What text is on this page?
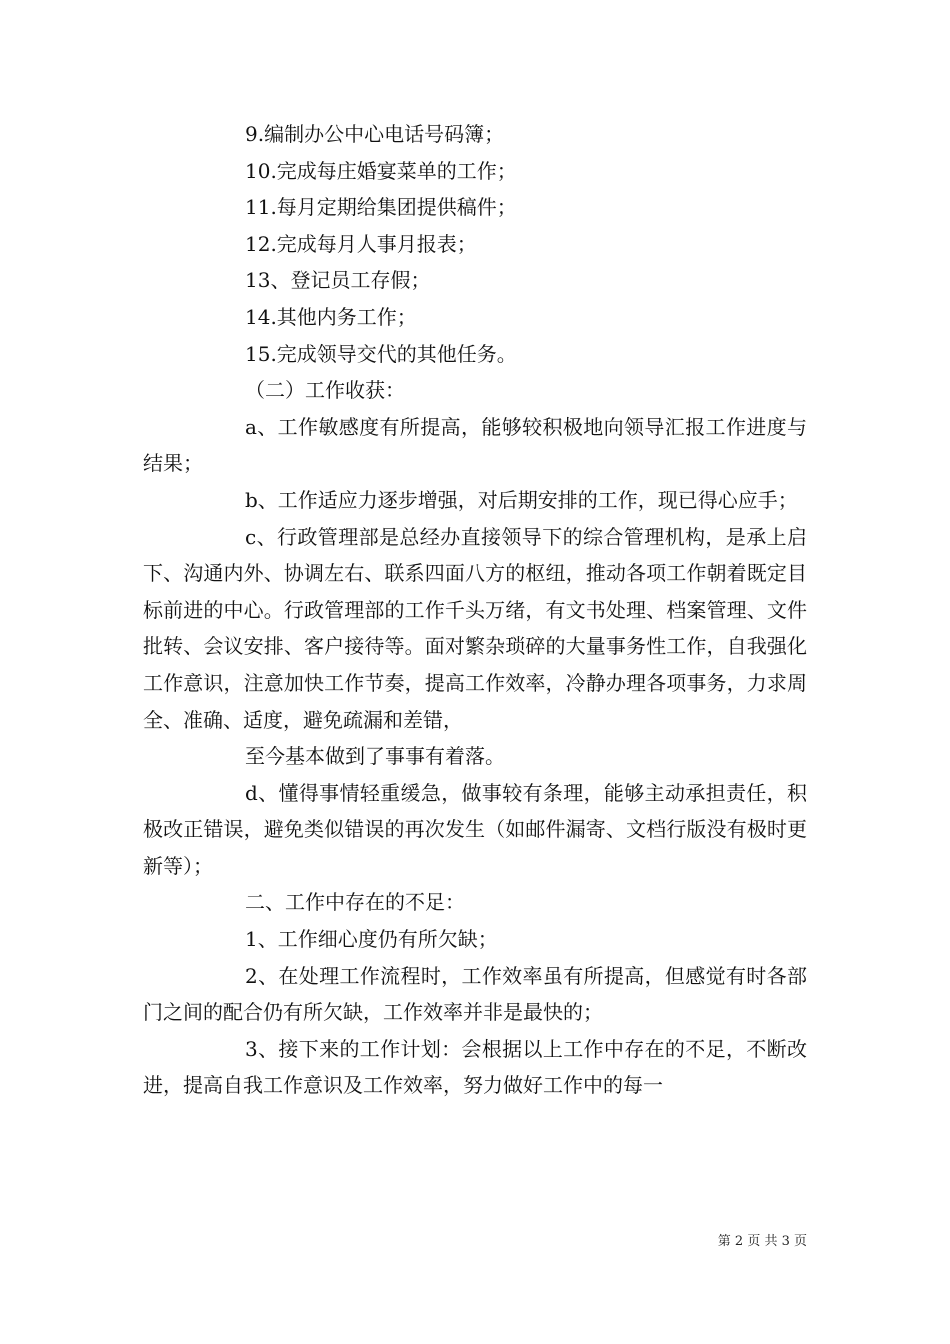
9.编制办公中心电话号码簿；

10.完成每庄婚宴菜单的工作；

11.每月定期给集团提供稿件；

12.完成每月人事月报表；

13、登记员工存假；

14.其他内务工作；

15.完成领导交代的其他任务。

（二）工作收获：

a、工作敏感度有所提高，能够较积极地向领导汇报工作进度与结果；

b、工作适应力逐步增强，对后期安排的工作，现已得心应手；

c、行政管理部是总经办直接领导下的综合管理机构，是承上启下、沟通内外、协调左右、联系四面八方的枢纽，推动各项工作朝着既定目标前进的中心。行政管理部的工作千头万绪，有文书处理、档案管理、文件批转、会议安排、客户接待等。面对繁杂琐碎的大量事务性工作，自我强化工作意识，注意加快工作节奏，提高工作效率，冷静办理各项事务，力求周全、准确、适度，避免疏漏和差错，

至今基本做到了事事有着落。

d、懂得事情轻重缓急，做事较有条理，能够主动承担责任，积极改正错误，避免类似错误的再次发生（如邮件漏寄、文档行版没有极时更新等）；

二、工作中存在的不足：

1、工作细心度仍有所欠缺；

2、在处理工作流程时，工作效率虽有所提高，但感觉有时各部门之间的配合仍有所欠缺，工作效率并非是最快的；

3、接下来的工作计划：会根据以上工作中存在的不足，不断改进，提高自我工作意识及工作效率，努力做好工作中的每一

第 2 页 共 3 页
